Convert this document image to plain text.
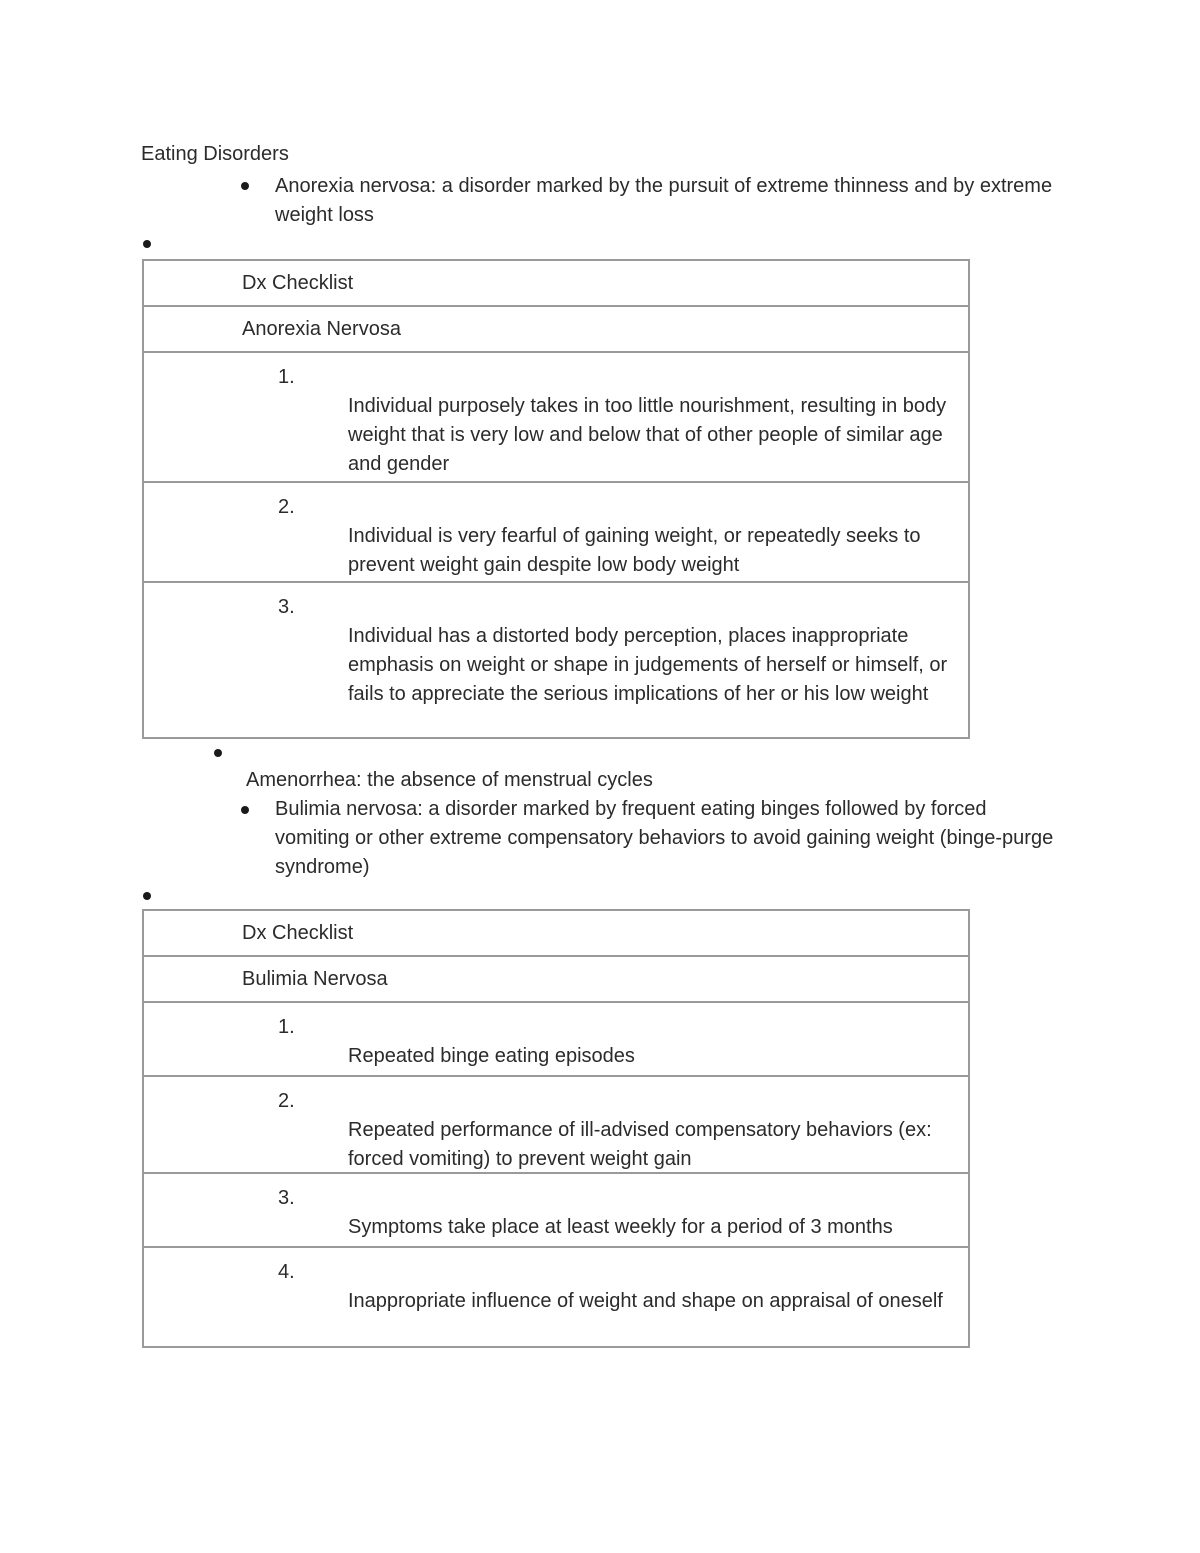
Eating Disorders
Anorexia nervosa: a disorder marked by the pursuit of extreme thinness and by extreme weight loss
Dx Checklist
Anorexia Nervosa
1.
Individual purposely takes in too little nourishment, resulting in body weight that is very low and below that of other people of similar age and gender
2.
Individual is very fearful of gaining weight, or repeatedly seeks to prevent weight gain despite low body weight
3.
Individual has a distorted body perception, places inappropriate emphasis on weight or shape in judgements of herself or himself, or fails to appreciate the serious implications of her or his low weight
Amenorrhea: the absence of menstrual cycles
Bulimia nervosa: a disorder marked by frequent eating binges followed by forced vomiting or other extreme compensatory behaviors to avoid gaining weight (binge-purge syndrome)
Dx Checklist
Bulimia Nervosa
1.
Repeated binge eating episodes
2.
Repeated performance of ill-advised compensatory behaviors (ex: forced vomiting) to prevent weight gain
3.
Symptoms take place at least weekly for a period of 3 months
4.
Inappropriate influence of weight and shape on appraisal of oneself
